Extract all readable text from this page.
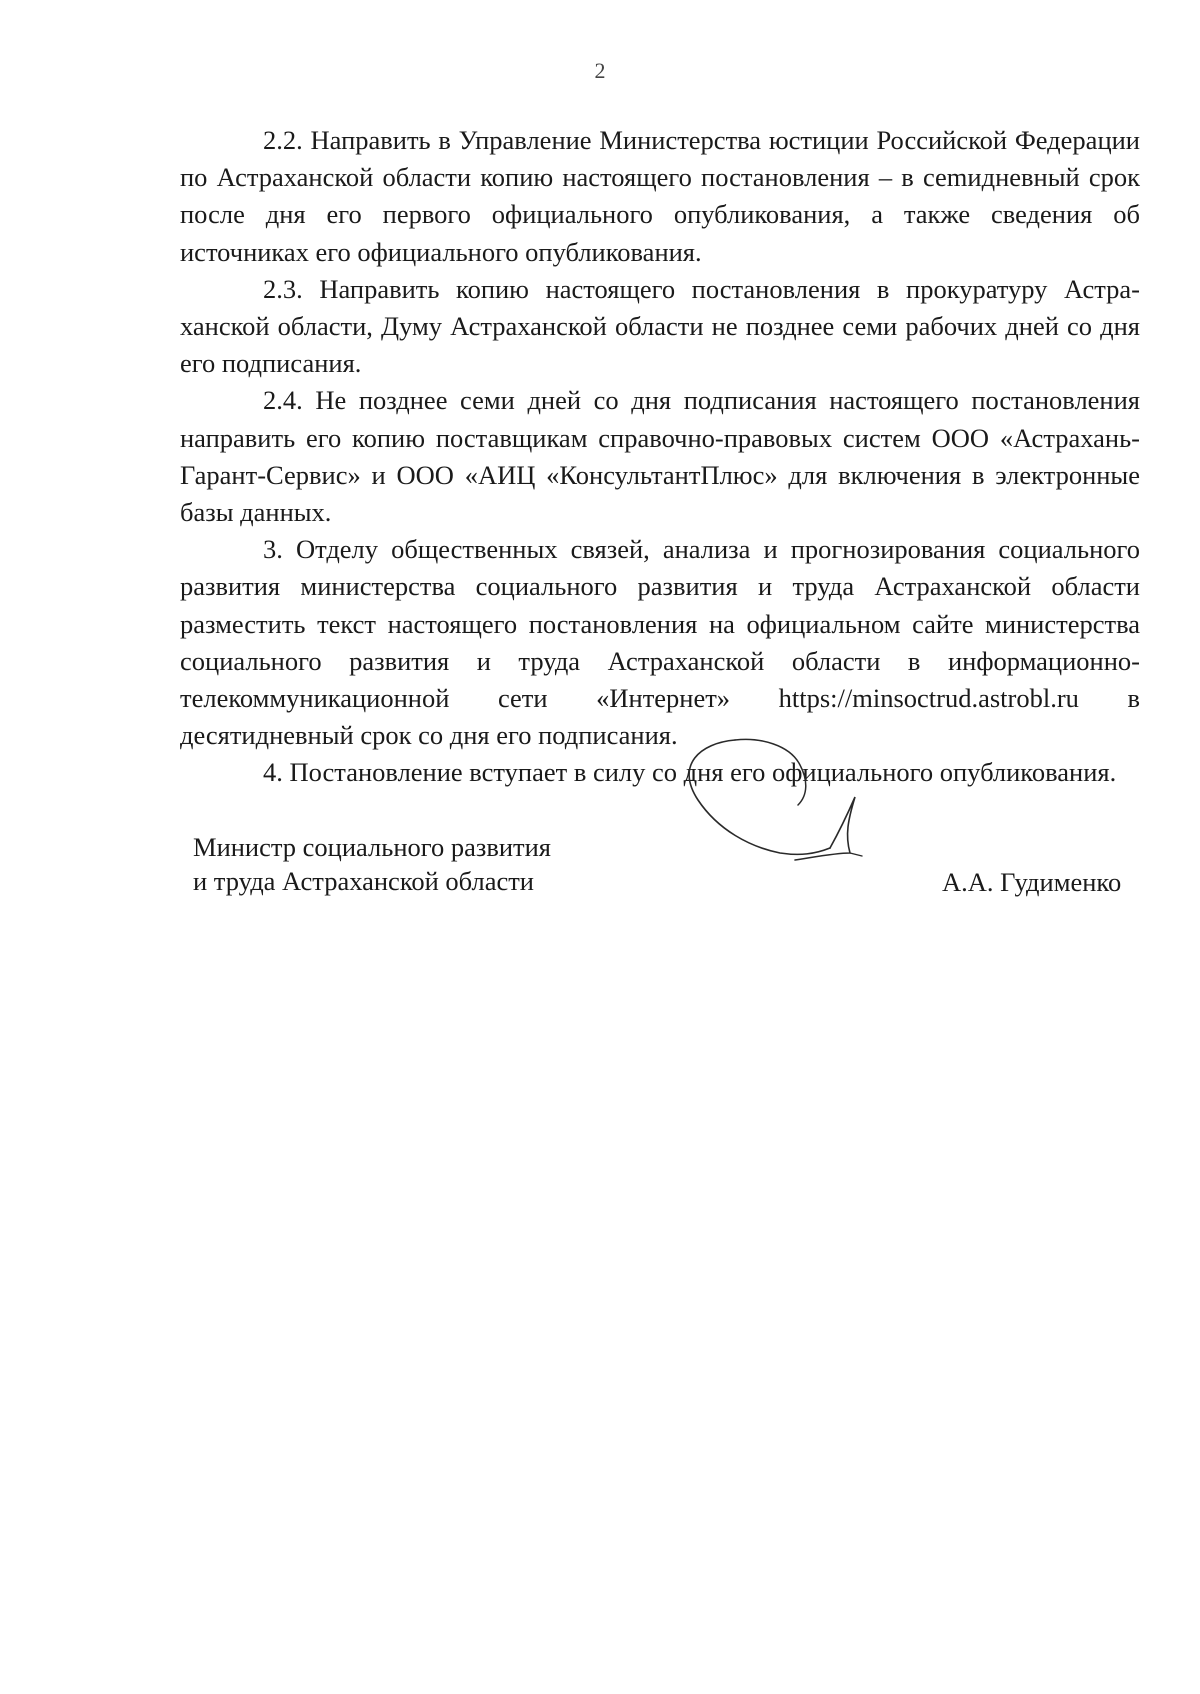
2

2.2. Направить в Управление Министерства юстиции Российской Федерации по Астраханской области копию настоящего постановления – в сеmидневный срок после дня его первого официального опубликования, а также сведения об источниках его официального опубликования.

2.3. Направить копию настоящего постановления в прокуратуру Астраханской области, Думу Астраханской области не позднее семи рабочих дней со дня его подписания.

2.4. Не позднее семи дней со дня подписания настоящего постановления направить его копию поставщикам справочно-правовых систем ООО «Астрахань-Гарант-Сервис» и ООО «АИЦ «КонсультантПлюс» для включения в электронные базы данных.

3. Отделу общественных связей, анализа и прогнозирования социального развития министерства социального развития и труда Астраханской области разместить текст настоящего постановления на официальном сайте министерства социального развития и труда Астраханской области в информационно-телекоммуникационной сети «Интернет» https://minsoctrud.astrobl.ru в десятидневный срок со дня его подписания.

4. Постановление вступает в силу со дня его официального опубликования.

Министр социального развития
и труда Астраханской области	А.А. Гудименко
